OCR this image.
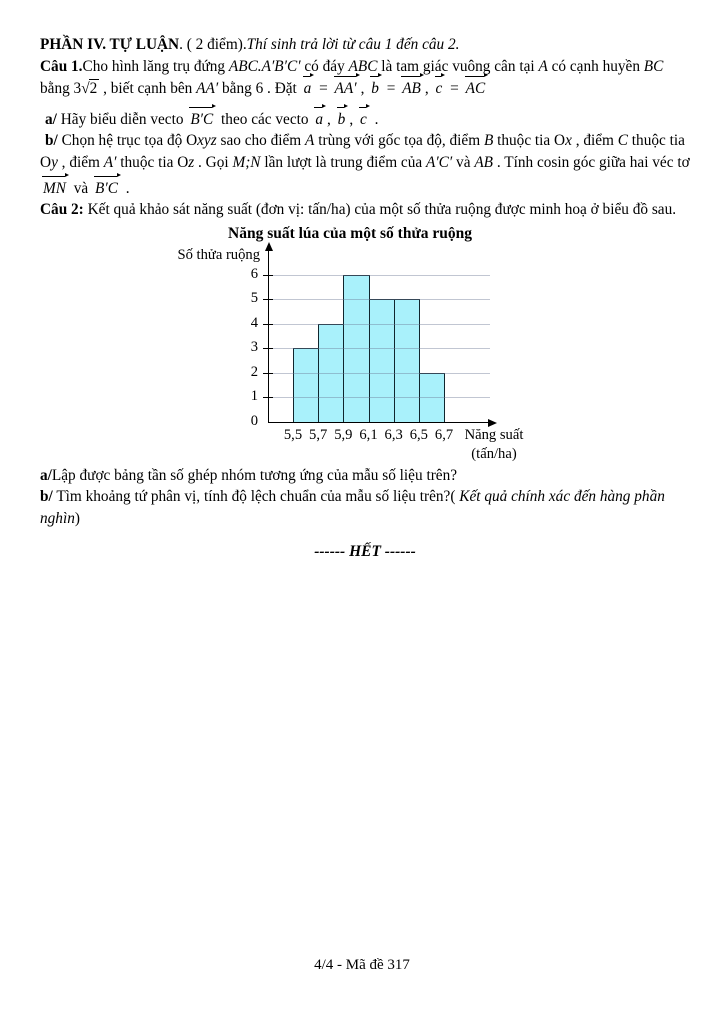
PHẦN IV. TỰ LUẬN. ( 2 điểm).Thí sinh trả lời từ câu 1 đến câu 2.
Câu 1.Cho hình lăng trụ đứng ABC.A′B′C′ có đáy ABC là tam giác vuông cân tại A có cạnh huyền BC
bằng 3√2 , biết cạnh bên AA′ bằng 6 . Đặt a = AA′ , b = AB , c = AC
a/ Hãy biểu diễn vecto B′C theo các vecto a , b , c .
b/ Chọn hệ trục tọa độ Oxyz sao cho điểm A trùng với gốc tọa độ, điểm B thuộc tia Ox , điểm C thuộc tia
Oy , điểm A′ thuộc tia Oz . Gọi M;N lần lượt là trung điểm của A′C′ và AB . Tính cosin góc giữa hai véc tơ
MN và B′C .
Câu 2: Kết quả khảo sát năng suất (đơn vị: tấn/ha) của một số thửa ruộng được minh hoạ ở biểu đồ sau.
Năng suất lúa của một số thửa ruộng
Số thửa ruộng
0
1
2
3
4
5
6
5,5 5,7 5,9 6,1 6,3 6,5 6,7 Năng suất
(tấn/ha)
a/Lập được bảng tần số ghép nhóm tương ứng của mẫu số liệu trên?
b/ Tìm khoảng tứ phân vị, tính độ lệch chuẩn của mẫu số liệu trên?( Kết quả chính xác đến hàng phần
nghìn)
------ HẾT ------
4/4 - Mã đề 317
